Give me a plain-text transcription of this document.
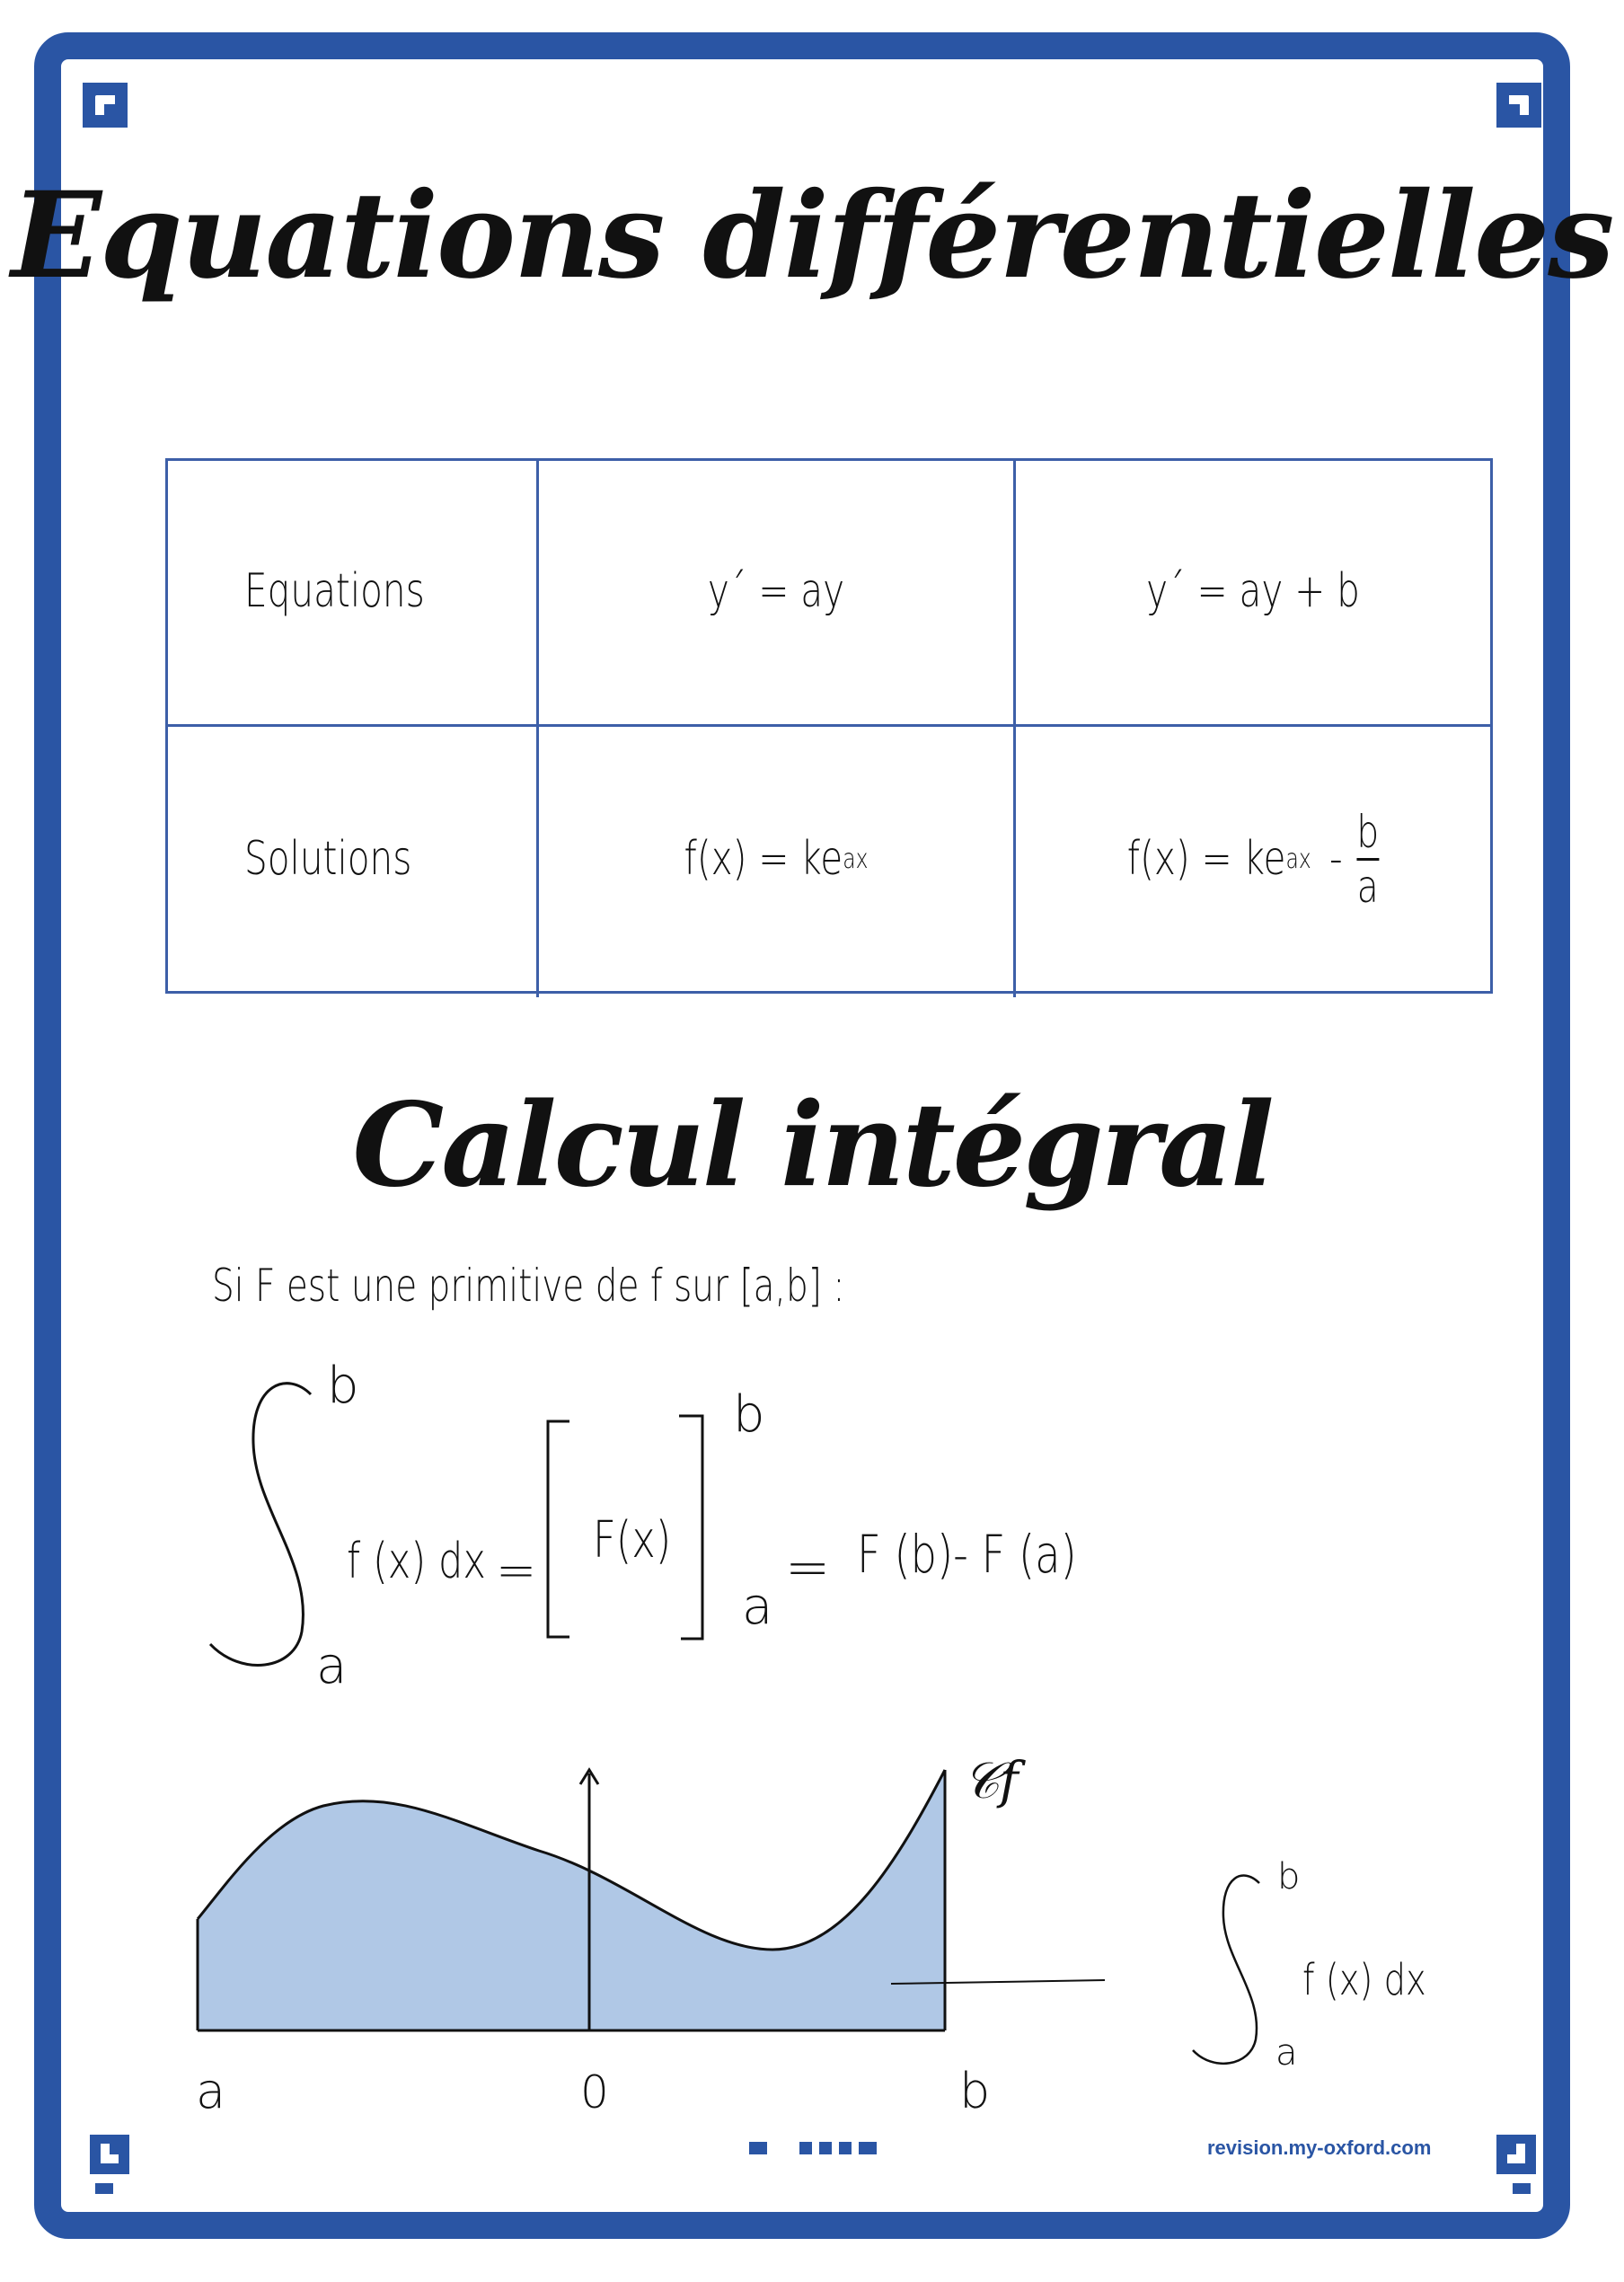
Equations différentielles
Equations	y´ = ay	y´ = ay + b
Solutions	f(x) = ke ax	f(x) = ke ax - $\frac{b}{a}$
Calcul intégral
Si F est une primitive de f sur [a,b] :
b
a
f (x) dx =
F(x)
b
a
= F (b)- F (a)
a	0	b
𝒞f
b
a
f (x) dx
revision.my-oxford.com
